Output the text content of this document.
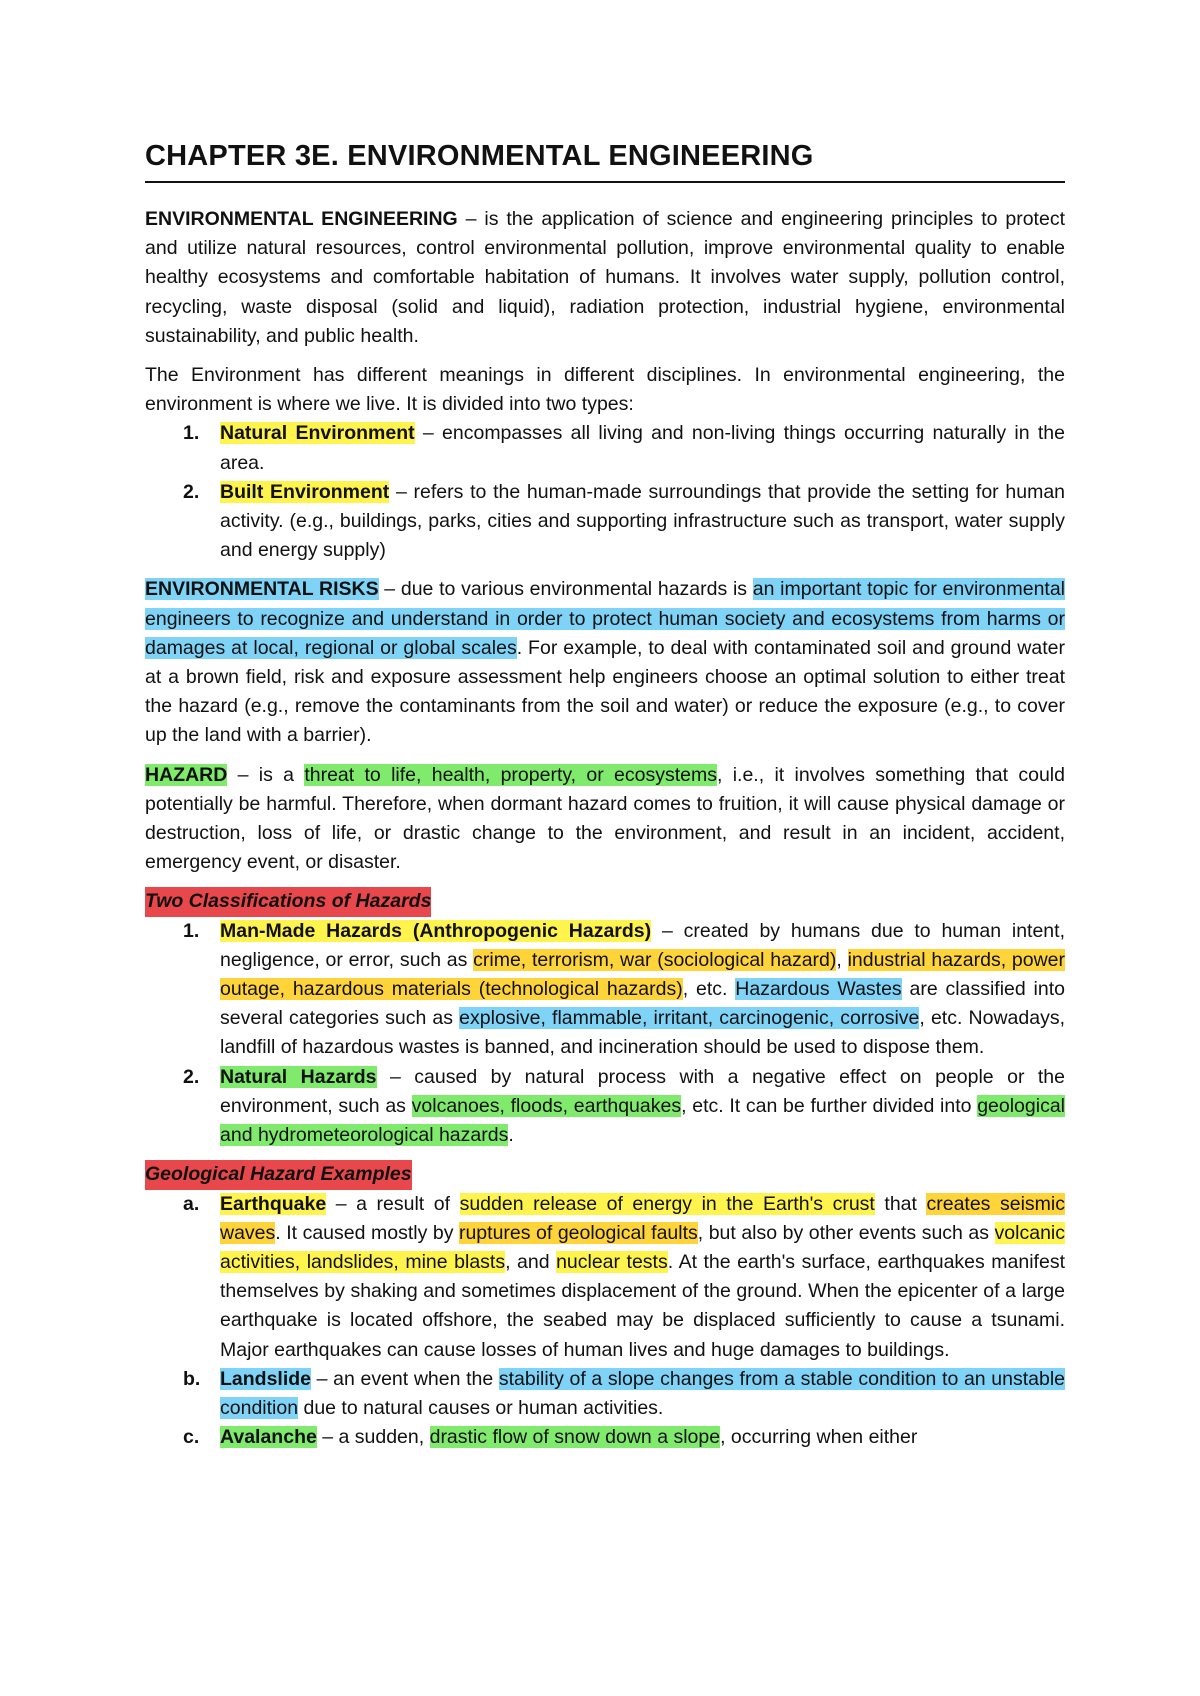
CHAPTER 3E. ENVIRONMENTAL ENGINEERING

ENVIRONMENTAL ENGINEERING – is the application of science and engineering principles to protect and utilize natural resources, control environmental pollution, improve environmental quality to enable healthy ecosystems and comfortable habitation of humans. It involves water supply, pollution control, recycling, waste disposal (solid and liquid), radiation protection, industrial hygiene, environmental sustainability, and public health.

The Environment has different meanings in different disciplines. In environmental engineering, the environment is where we live. It is divided into two types:

1. Natural Environment – encompasses all living and non-living things occurring naturally in the area.
2. Built Environment – refers to the human-made surroundings that provide the setting for human activity. (e.g., buildings, parks, cities and supporting infrastructure such as transport, water supply and energy supply)

ENVIRONMENTAL RISKS – due to various environmental hazards is an important topic for environmental engineers to recognize and understand in order to protect human society and ecosystems from harms or damages at local, regional or global scales. For example, to deal with contaminated soil and ground water at a brown field, risk and exposure assessment help engineers choose an optimal solution to either treat the hazard (e.g., remove the contaminants from the soil and water) or reduce the exposure (e.g., to cover up the land with a barrier).

HAZARD – is a threat to life, health, property, or ecosystems, i.e., it involves something that could potentially be harmful. Therefore, when dormant hazard comes to fruition, it will cause physical damage or destruction, loss of life, or drastic change to the environment, and result in an incident, accident, emergency event, or disaster.

Two Classifications of Hazards
1. Man-Made Hazards (Anthropogenic Hazards) – created by humans due to human intent, negligence, or error, such as crime, terrorism, war (sociological hazard), industrial hazards, power outage, hazardous materials (technological hazards), etc. Hazardous Wastes are classified into several categories such as explosive, flammable, irritant, carcinogenic, corrosive, etc. Nowadays, landfill of hazardous wastes is banned, and incineration should be used to dispose them.
2. Natural Hazards – caused by natural process with a negative effect on people or the environment, such as volcanoes, floods, earthquakes, etc. It can be further divided into geological and hydrometeorological hazards.
Geological Hazard Examples
a. Earthquake – a result of sudden release of energy in the Earth's crust that creates seismic waves. It caused mostly by ruptures of geological faults, but also by other events such as volcanic activities, landslides, mine blasts, and nuclear tests. At the earth's surface, earthquakes manifest themselves by shaking and sometimes displacement of the ground. When the epicenter of a large earthquake is located offshore, the seabed may be displaced sufficiently to cause a tsunami. Major earthquakes can cause losses of human lives and huge damages to buildings.
b. Landslide – an event when the stability of a slope changes from a stable condition to an unstable condition due to natural causes or human activities.
c. Avalanche – a sudden, drastic flow of snow down a slope, occurring when either
